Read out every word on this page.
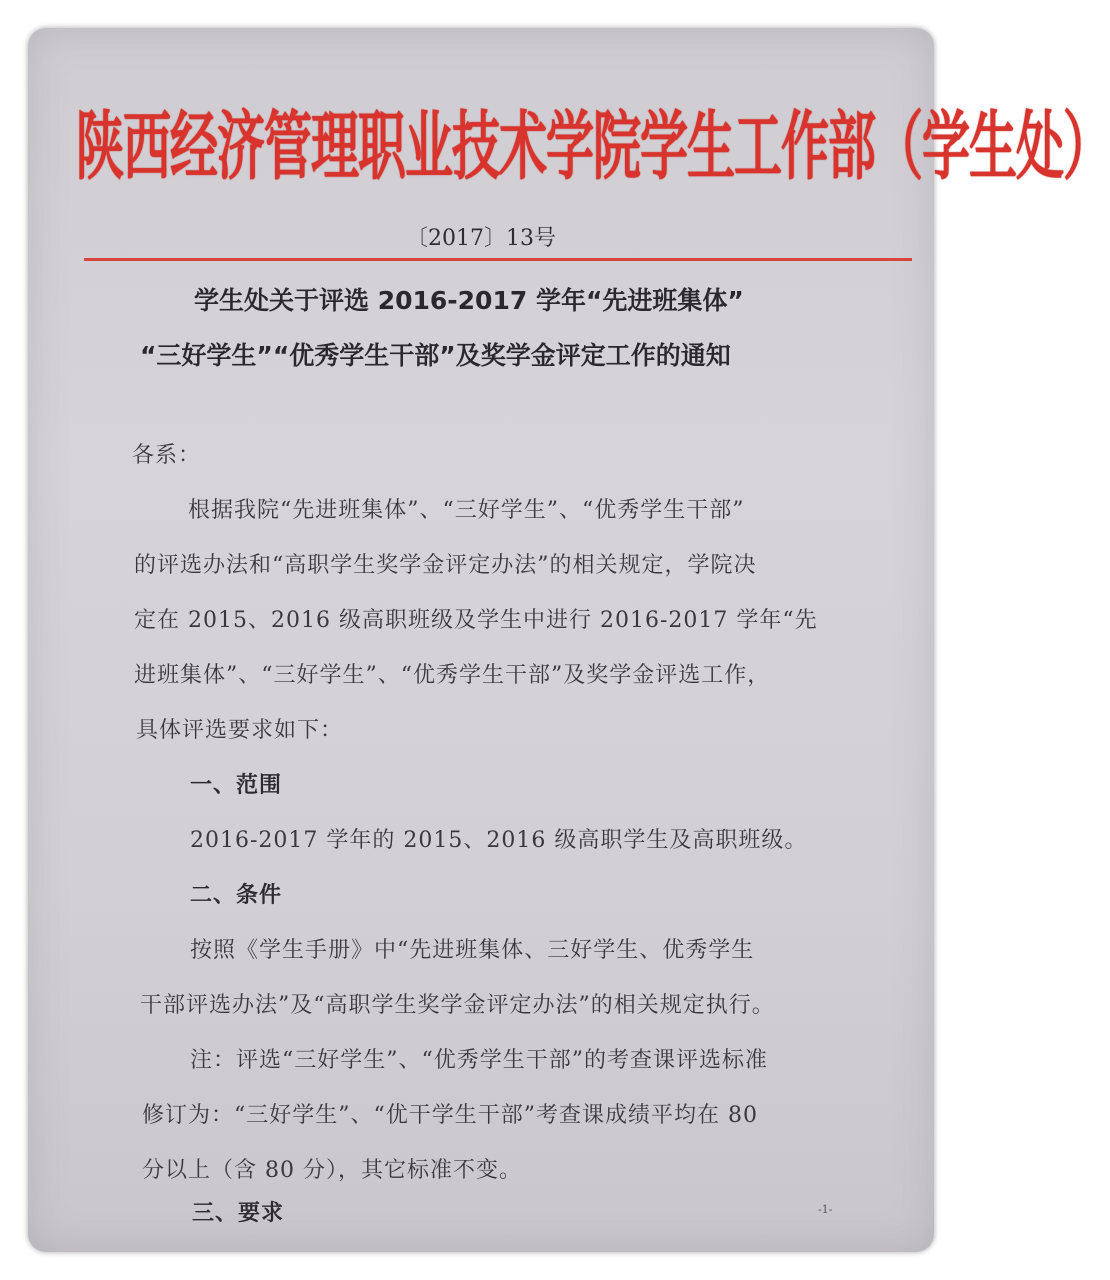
陕西经济管理职业技术学院学生工作部（学生处）
〔2017〕13号
学生处关于评选 2016-2017 学年“先进班集体”
“三好学生”“优秀学生干部”及奖学金评定工作的通知
各系：
根据我院“先进班集体”、“三好学生”、“优秀学生干部”
的评选办法和“高职学生奖学金评定办法”的相关规定，学院决
定在 2015、2016 级高职班级及学生中进行 2016-2017 学年“先
进班集体”、“三好学生”、“优秀学生干部”及奖学金评选工作，
具体评选要求如下：
一、范围
2016-2017 学年的 2015、2016 级高职学生及高职班级。
二、条件
按照《学生手册》中“先进班集体、三好学生、优秀学生
干部评选办法”及“高职学生奖学金评定办法”的相关规定执行。
注：评选“三好学生”、“优秀学生干部”的考查课评选标准
修订为：“三好学生”、“优干学生干部”考查课成绩平均在 80
分以上（含 80 分），其它标准不变。
三、要求	-1-
